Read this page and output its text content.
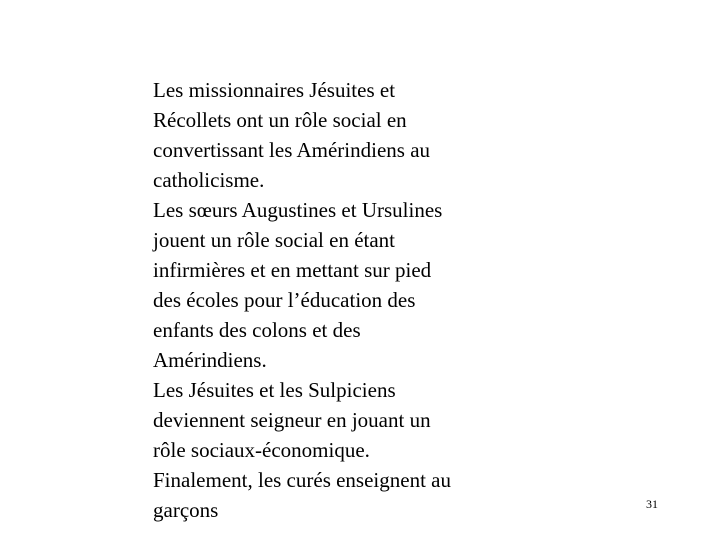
Les missionnaires Jésuites et
Récollets ont un rôle social en
convertissant les Amérindiens au
catholicisme.
Les sœurs Augustines et Ursulines
jouent un rôle social en étant
infirmières et en mettant sur pied
des écoles pour l’éducation des
enfants des colons et des
Amérindiens.
Les Jésuites et les Sulpiciens
deviennent seigneur en jouant un
rôle sociaux-économique.
Finalement, les curés enseignent au
garçons	31
